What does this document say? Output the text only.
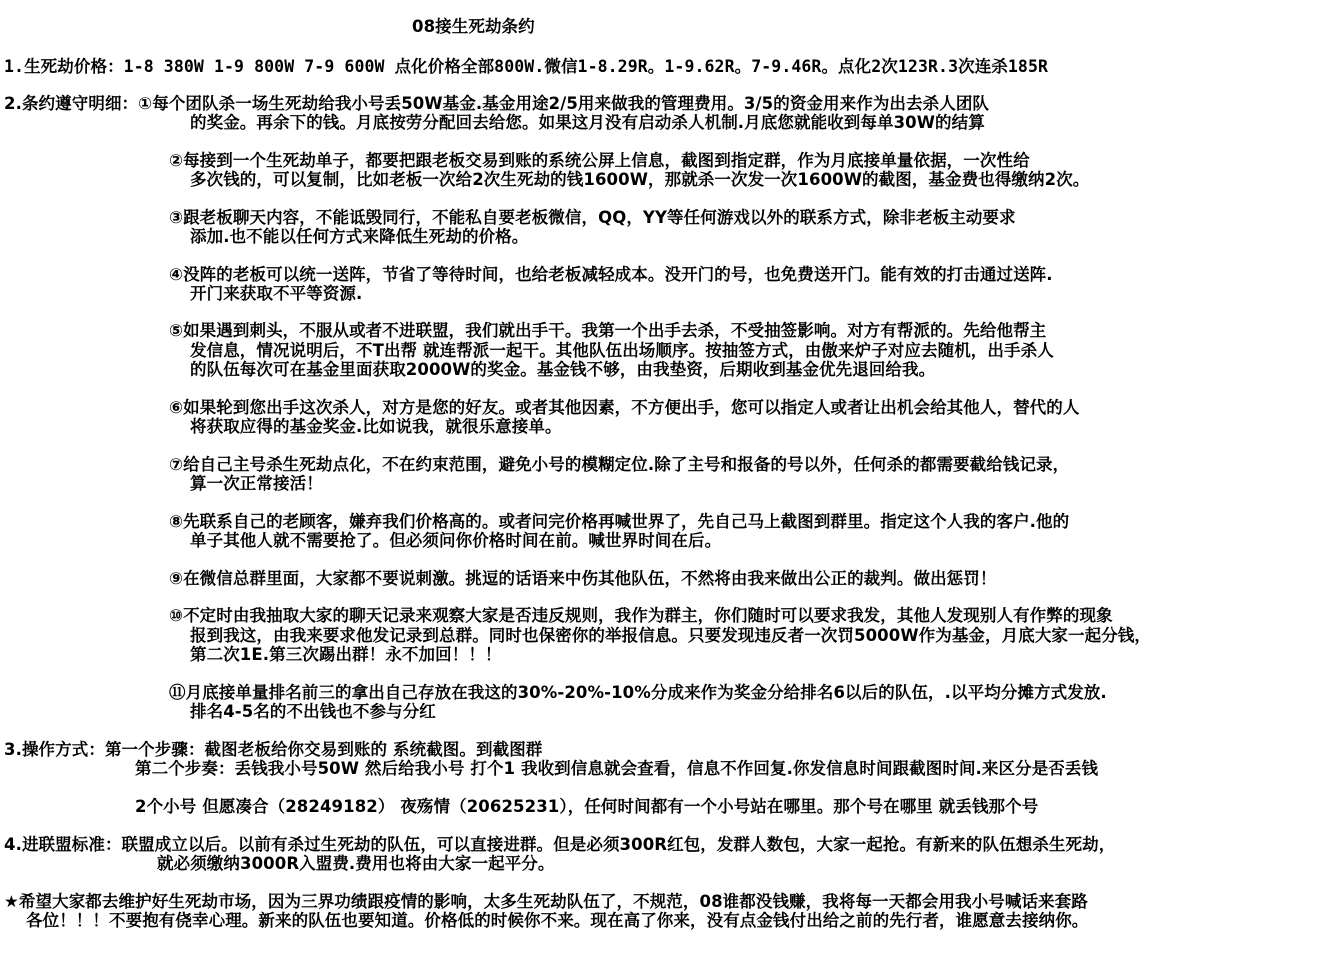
08接生死劫条约
1.生死劫价格：1-8 380W 1-9 800W 7-9 600W 点化价格全部800W.微信1-8.29R。1-9.62R。7-9.46R。点化2次123R.3次连杀185R
2.条约遵守明细：①每个团队杀一场生死劫给我小号丢50W基金.基金用途2/5用来做我的管理费用。3/5的资金用来作为出去杀人团队
的奖金。再余下的钱。月底按劳分配回去给您。如果这月没有启动杀人机制.月底您就能收到每单30W的结算
②每接到一个生死劫单子，都要把跟老板交易到账的系统公屏上信息，截图到指定群，作为月底接单量依据，一次性给
多次钱的，可以复制，比如老板一次给2次生死劫的钱1600W，那就杀一次发一次1600W的截图，基金费也得缴纳2次。
③跟老板聊天内容，不能诋毁同行，不能私自要老板微信，QQ，YY等任何游戏以外的联系方式，除非老板主动要求
添加.也不能以任何方式来降低生死劫的价格。
④没阵的老板可以统一送阵，节省了等待时间，也给老板减轻成本。没开门的号，也免费送开门。能有效的打击通过送阵.
开门来获取不平等资源.
⑤如果遇到刺头，不服从或者不进联盟，我们就出手干。我第一个出手去杀，不受抽签影响。对方有帮派的。先给他帮主
发信息，情况说明后，不T出帮 就连帮派一起干。其他队伍出场顺序。按抽签方式，由傲来炉子对应去随机，出手杀人
的队伍每次可在基金里面获取2000W的奖金。基金钱不够，由我垫资，后期收到基金优先退回给我。
⑥如果轮到您出手这次杀人，对方是您的好友。或者其他因素，不方便出手，您可以指定人或者让出机会给其他人，替代的人
将获取应得的基金奖金.比如说我，就很乐意接单。
⑦给自己主号杀生死劫点化，不在约束范围，避免小号的模糊定位.除了主号和报备的号以外，任何杀的都需要截给钱记录，
算一次正常接活！
⑧先联系自己的老顾客，嫌弃我们价格高的。或者问完价格再喊世界了，先自己马上截图到群里。指定这个人我的客户.他的
单子其他人就不需要抢了。但必须问你价格时间在前。喊世界时间在后。
⑨在微信总群里面，大家都不要说刺激。挑逗的话语来中伤其他队伍，不然将由我来做出公正的裁判。做出惩罚！
⑩不定时由我抽取大家的聊天记录来观察大家是否违反规则，我作为群主，你们随时可以要求我发，其他人发现别人有作弊的现象
报到我这，由我来要求他发记录到总群。同时也保密你的举报信息。只要发现违反者一次罚5000W作为基金，月底大家一起分钱，
第二次1E.第三次踢出群！永不加回！！！
⑪月底接单量排名前三的拿出自己存放在我这的30%-20%-10%分成来作为奖金分给排名6以后的队伍，.以平均分摊方式发放.
排名4-5名的不出钱也不参与分红
3.操作方式：第一个步骤：截图老板给你交易到账的 系统截图。到截图群
第二个步奏：丢钱我小号50W 然后给我小号 打个1 我收到信息就会查看，信息不作回复.你发信息时间跟截图时间.来区分是否丢钱
2个小号 但愿凑合（28249182） 夜殇情（20625231），任何时间都有一个小号站在哪里。那个号在哪里 就丢钱那个号
4.进联盟标准：联盟成立以后。以前有杀过生死劫的队伍，可以直接进群。但是必须300R红包，发群人数包，大家一起抢。有新来的队伍想杀生死劫，
就必须缴纳3000R入盟费.费用也将由大家一起平分。
★希望大家都去维护好生死劫市场，因为三界功绩跟疫情的影响，太多生死劫队伍了，不规范，08谁都没钱赚，我将每一天都会用我小号喊话来套路
各位！！！不要抱有侥幸心理。新来的队伍也要知道。价格低的时候你不来。现在高了你来，没有点金钱付出给之前的先行者，谁愿意去接纳你。
